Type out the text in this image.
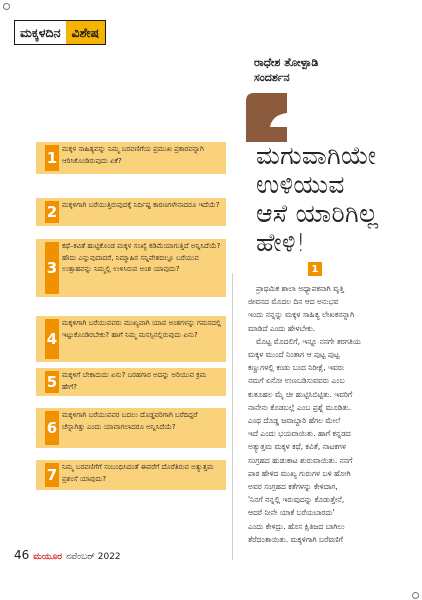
ಮಕ್ಕಳದಿನ ವಿಶೇಷ
ರಾಧೇಶ ತೋಳ್ಪಾಡಿ
ಸಂದರ್ಶನ
ಮಗುವಾಗಿಯೇ
ಉಳಿಯುವ
ಆಸೆ ಯಾರಿಗಿಲ್ಲ
ಹೇಳಿ!
1 ಮಕ್ಕಳ ಸಾಹಿತ್ಯವನ್ನು ನಿಮ್ಮ ಬರವಣಿಗೆಯ ಪ್ರಮುಖ ಪ್ರಕಾರವನ್ನಾಗಿ ಆರಿಸಿಕೊಂಡಿರುವುದು ಏಕೆ?
2 ಮಕ್ಕಳಿಗಾಗಿ ಬರೆಯುತ್ತಿರುವುದಕ್ಕೆ ನಿರ್ದಿಷ್ಟ ಕಾರಣಗಳೇನಾದರೂ ಇದೆಯೆ?
3
ಕಥೆ–ಕವಿತೆ ಹುಟ್ಟಿಕೊಂಡ ಮಕ್ಕಳ ಸಂಖ್ಯೆ ಕಡಿಮೆಯಾಗುತ್ತಿದೆ ಅನ್ನಿಸಿದೆಯೆ? ಹೌದು ಎನ್ನುವುದಾದರೆ, ನಿಮ್ಮಾಹಿರ ಸನ್ನಿವೇಶದಲ್ಲೂ ಬರೆಯುವ ಉತ್ಸಾಹವನ್ನು ನಿಮ್ಮಲ್ಲಿ ಉಳಿಸಿರುವ ಅಂಶ ಯಾವುದು?
4
ಮಕ್ಕಳಿಗಾಗಿ ಬರೆಯುವವರು ಮುಖ್ಯವಾಗಿ ಯಾವ ಅಂಶಗಳನ್ನು ಗಮನದಲ್ಲಿ ಇಟ್ಟುಕೊಂಡಿರಬೇಕು? ಹಾಗೆ ನಿಮ್ಮ ಮನಸ್ಸಿನಲ್ಲಿರುವುದು ಏನು?
5 ಮಕ್ಕಳಿಗೆ ಬೇಕಾದುದು ಏನು? ಬರಹಗಾರ ಅದನ್ನು ಅರಿಯುವ ಕ್ರಮ ಹೇಗೆ?
6
ಮಕ್ಕಳಿಗಾಗಿ ಬರೆಯುವವರ ಬದಲು ದೊಡ್ಡವರಿಗಾಗಿ ಬರೆದಿದ್ದರೆ ಚೆನ್ನಾಗಿತ್ತು ಎಂದು ಯಾವಾಗಲಾದರೂ ಅನ್ನಿಸಿದೆಯೆ?
7 ನಿಮ್ಮ ಬರವಣಿಗೆಗೆ ಸಂಬಂಧಿಸಿದಂತೆ ಈವರೆಗೆ ದೊರೆತಿರುವ ಅತ್ಯುತ್ತಮ ಪ್ರಶಂಸೆ ಯಾವುದು?
1
ಪ್ರಾಥಮಿಕ ಶಾಲಾ ಅಧ್ಯಾಪಕನಾಗಿ ವೃತ್ತಿ
ಜೀವನದ ಮೊದಲ ದಿನ ಆದ ಅನುಭವ
ಇಂದು ನನ್ನನ್ನು ಮಕ್ಕಳ ಸಾಹಿತ್ಯ ಲೇಖಕನನ್ನಾಗಿ
ಮಾಡಿದೆ ಎಂದು ಹೇಳಬೇಕು.
ಮೊಟ್ಟ ಮೊದಲಿಗೆ, ಇನ್ನೂ ನನಗೇ ತರಗತಿಯ
ಮಕ್ಕಳ ಮುಂದೆ ನಿಂತಾಗ ಆ ಪುಟ್ಟ ಪುಟ್ಟ
ಕಣ್ಣುಗಳಲ್ಲಿ ಕಂಡು ಬಂದ ನಿರೀಕ್ಷೆ, ಇವರು
ನಮಗೆ ಏನೋ ಉಣಬಡಿಸುವವರು ಎಂಬ
ಕುತೂಹಲ ಮೈ ಚೀ ಹುಟ್ಟಿಸಿಬಿಟ್ಟಿತು. ಇವರಿಗೆ
ನಾನೇನು ಕೊಡಬಲ್ಲೆ ಎಂಬ ಪ್ರಶ್ನೆ ಮೂಡಿತು.
ಎಂಥ ದೊಡ್ಡ ಜವಾಬ್ದಾರಿ ಹೆಗಲ ಮೇಲೆ
ಇದೆ ಎಂದು ಭಯವಾಯಿತು. ಹಾಗೆ ಕನ್ನಡದ
ಅತ್ಯುತ್ತಮ ಮಕ್ಕಳ ಕಥೆ, ಕವಿತೆ, ನಾಟಕಗಳ
ಸಂಗ್ರಹದ ಹುಡುಕಾಟ ಶುರುವಾಯಿತು. ನನಗೆ
ಪಾಠ ಹೇಳಿದ ಮುಖ್ಯ ಗುರುಗಳ ಬಳಿ ಹೋಗಿ
ಅವರ ಸಂಗ್ರಹದ ಕತೆಗಳನ್ನು ಕೇಳಿದಾಗ,
'ನಿನಗೆ ನನ್ನಲ್ಲಿ ಇರುವುದನ್ನು ಕೊಡುತ್ತೇನೆ,
ಆದರೆ ನೀನೇ ಯಾಕೆ ಬರೆಯಬಾರದು'
ಎಂದು ಕೇಳಿದ್ರು. ಹೊಸ ಕ್ಷಿತಿಜದ ಬಾಗಿಲು
ತೆರೆದಂತಾಯಿತು. ಮಕ್ಕಳಿಗಾಗಿ ಬರೆವಣಿಗೆ
46 ಮಯೂರ ನವೆಂಬರ್ 2022
